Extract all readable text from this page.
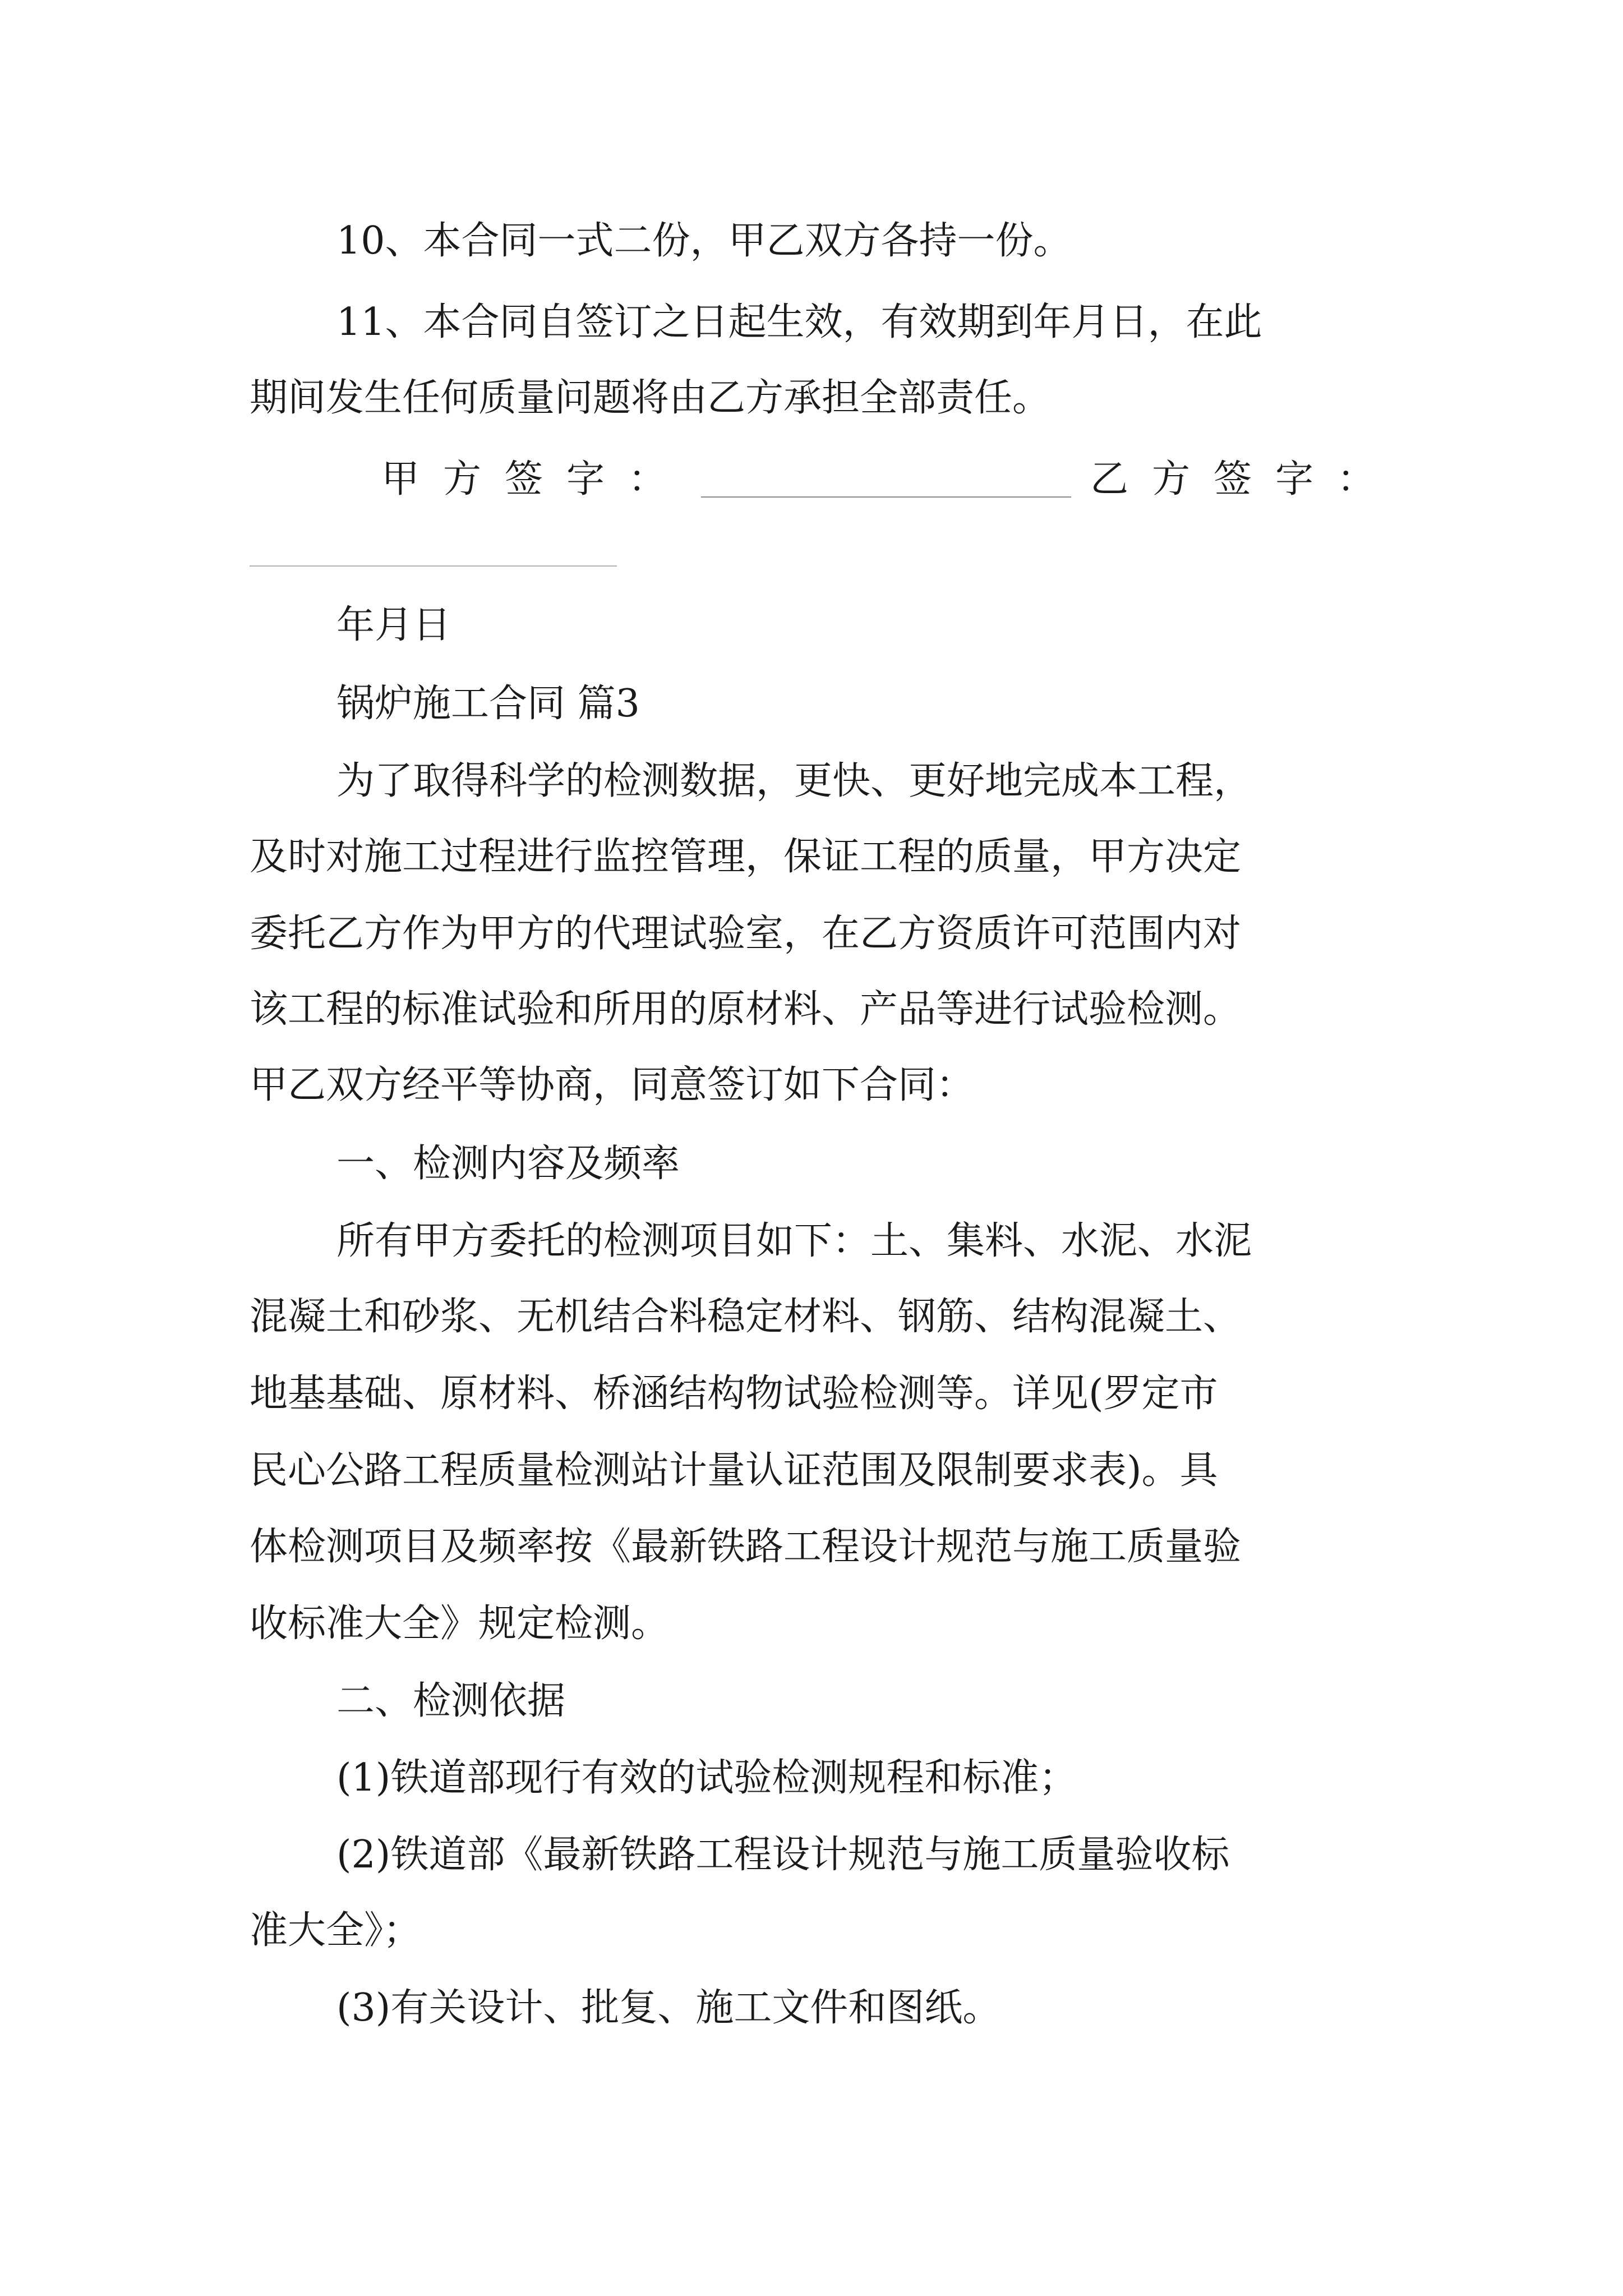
10、本合同一式二份，甲乙双方各持一份。
11、本合同自签订之日起生效，有效期到年月日，在此
期间发生任何质量问题将由乙方承担全部责任。
甲方签字：	乙方签字：
年月日
锅炉施工合同 篇3
为了取得科学的检测数据，更快、更好地完成本工程，
及时对施工过程进行监控管理，保证工程的质量，甲方决定
委托乙方作为甲方的代理试验室，在乙方资质许可范围内对
该工程的标准试验和所用的原材料、产品等进行试验检测。
甲乙双方经平等协商，同意签订如下合同：
一、检测内容及频率
所有甲方委托的检测项目如下：土、集料、水泥、水泥
混凝土和砂浆、无机结合料稳定材料、钢筋、结构混凝土、
地基基础、原材料、桥涵结构物试验检测等。详见(罗定市
民心公路工程质量检测站计量认证范围及限制要求表)。具
体检测项目及频率按《最新铁路工程设计规范与施工质量验
收标准大全》规定检测。
二、检测依据
(1)铁道部现行有效的试验检测规程和标准；
(2)铁道部《最新铁路工程设计规范与施工质量验收标
准大全》；
(3)有关设计、批复、施工文件和图纸。
